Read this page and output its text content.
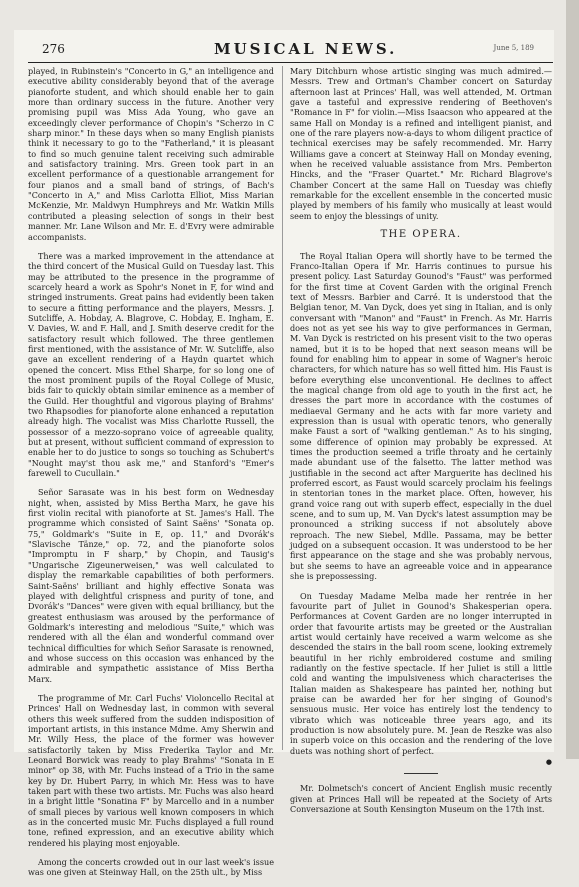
276	MUSICAL NEWS.	June 5, 189

played, in Rubinstein's "Concerto in G," an intelligence and executive ability considerably beyond that of the average pianoforte student, and which should enable her to gain more than ordinary success in the future. Another very promising pupil was Miss Ada Young, who gave an exceedingly clever performance of Chopin's "Scherzo in C sharp minor." In these days when so many English pianists think it necessary to go to the "Fatherland," it is pleasant to find so much genuine talent receiving such admirable and satisfactory training. Mrs. Green took part in an excellent performance of a questionable arrangement for four pianos and a small band of strings, of Bach's "Concerto in A," and Miss Carlotta Elliot, Miss Marian McKenzie, Mr. Maldwyn Humphreys and Mr. Watkin Mills contributed a pleasing selection of songs in their best manner. Mr. Lane Wilson and Mr. E. d'Evry were admirable accompanists.

There was a marked improvement in the attendance at the third concert of the Musical Guild on Tuesday last. This may be attributed to the presence in the programme of scarcely heard a work as Spohr's Nonet in F, for wind and stringed instruments. Great pains had evidently been taken to secure a fitting performance and the players, Messrs. J. Sutcliffe, A. Hobday, A. Blagrove, C. Hobday, E. Ingham, E. V. Davies, W. and F. Hall, and J. Smith deserve credit for the satisfactory result which followed. The three gentlemen first mentioned, with the assistance of Mr. W. Sutcliffe, also gave an excellent rendering of a Haydn quartet which opened the concert. Miss Ethel Sharpe, for so long one of the most prominent pupils of the Royal College of Music, bids fair to quickly obtain similar eminence as a member of the Guild. Her thoughtful and vigorous playing of Brahms' two Rhapsodies for pianoforte alone enhanced a reputation already high. The vocalist was Miss Charlotte Russell, the possessor of a mezzo-soprano voice of agreeable quality, but at present, without sufficient command of expression to enable her to do justice to songs so touching as Schubert's "Nought may'st thou ask me," and Stanford's "Emer's farewell to Cucullain."

Señor Sarasate was in his best form on Wednesday night, when, assisted by Miss Bertha Marx, he gave his first violin recital with pianoforte at St. James's Hall. The programme which consisted of Saint Saëns' "Sonata op. 75," Goldmark's "Suite in E, op. 11," and Dvorák's "Slavische Tänze," op. 72, and the pianoforte solos "Impromptu in F sharp," by Chopin, and Tausig's "Ungarische Zigeunerweisen," was well calculated to display the remarkable capabilities of both performers. Saint-Saëns' brilliant and highly effective Sonata was played with delightful crispness and purity of tone, and Dvorák's "Dances" were given with equal brilliancy, but the greatest enthusiasm was aroused by the performance of Goldmark's interesting and melodious "Suite," which was rendered with all the élan and wonderful command over technical difficulties for which Señor Sarasate is renowned, and whose success on this occasion was enhanced by the admirable and sympathetic assistance of Miss Bertha Marx.

The programme of Mr. Carl Fuchs' Violoncello Recital at Princes' Hall on Wednesday last, in common with several others this week suffered from the sudden indisposition of important artists, in this instance Mdme. Amy Sherwin and Mr. Willy Hess, the place of the former was however satisfactorily taken by Miss Frederika Taylor and Mr. Leonard Borwick was ready to play Brahms' "Sonata in E minor" op 38, with Mr. Fuchs instead of a Trio in the same key by Dr. Hubert Parry, in which Mr. Hess was to have taken part with these two artists. Mr. Fuchs was also heard in a bright little "Sonatina F" by Marcello and in a number of small pieces by various well known composers in which as in the concerted music Mr. Fuchs displayed a full round tone, refined expression, and an executive ability which rendered his playing most enjoyable.

Among the concerts crowded out in our last week's issue was one given at Steinway Hall, on the 25th ult., by Miss

Mary Ditchburn whose artistic singing was much admired.—Messrs. Trew and Ortman's Chamber concert on Saturday afternoon last at Princes' Hall, was well attended, M. Ortman gave a tasteful and expressive rendering of Beethoven's "Romance in F" for violin.—Miss Isaacson who appeared at the same Hall on Monday is a refined and intelligent pianist, and one of the rare players now-a-days to whom diligent practice of technical exercises may be safely recommended. Mr. Harry Williams gave a concert at Steinway Hall on Monday evening, when he received valuable assistance from Mrs. Pemberton Hincks, and the "Fraser Quartet." Mr. Richard Blagrove's Chamber Concert at the same Hall on Tuesday was chiefly remarkable for the excellent ensemble in the concerted music played by members of his family who musically at least would seem to enjoy the blessings of unity.

THE OPERA.

The Royal Italian Opera will shortly have to be termed the Franco-Italian Opera if Mr. Harris continues to pursue his present policy. Last Saturday Gounod's "Faust" was performed for the first time at Covent Garden with the original French text of Messrs. Barbier and Carré. It is understood that the Belgian tenor, M. Van Dyck, does yet sing in Italian, and is only conversant with "Manon" and "Faust" in French. As Mr. Harris does not as yet see his way to give performances in German, M. Van Dyck is restricted on his present visit to the two operas named, but it is to be hoped that next season means will be found for enabling him to appear in some of Wagner's heroic characters, for which nature has so well fitted him. His Faust is before everything else unconventional. He declines to affect the magical change from old age to youth in the first act, he dresses the part more in accordance with the costumes of mediaeval Germany and he acts with far more variety and expression than is usual with operatic tenors, who generally make Faust a sort of "walking gentleman." As to his singing, some difference of opinion may probably be expressed. At times the production seemed a trifle throaty and he certainly made abundant use of the falsetto. The latter method was justifiable in the second act after Marguerite has declined his proferred escort, as Faust would scarcely proclaim his feelings in stentorian tones in the market place. Often, however, his grand voice rang out with superb effect, especially in the duel scene, and to sum up, M. Van Dyck's latest assumption may be pronounced a striking success if not absolutely above reproach. The new Siebel, Mdlle. Passama, may be better judged on a subsequent occasion. It was understood to be her first appearance on the stage and she was probably nervous, but she seems to have an agreeable voice and in appearance she is prepossessing.

On Tuesday Madame Melba made her rentrée in her favourite part of Juliet in Gounod's Shakesperian opera. Performances at Covent Garden are no longer interrupted in order that favourite artists may be greeted or the Australian artist would certainly have received a warm welcome as she descended the stairs in the ball room scene, looking extremely beautiful in her richly embroidered costume and smiling radiantly on the festive spectacle. If her Juliet is still a little cold and wanting the impulsiveness which characterises the Italian maiden as Shakespeare has painted her, nothing but praise can be awarded her for her singing of Gounod's sensuous music. Her voice has entirely lost the tendency to vibrato which was noticeable three years ago, and its production is now absolutely pure. M. Jean de Reszke was also in superb voice on this occasion and the rendering of the love duets was nothing short of perfect.

●

Mr. Dolmetsch's concert of Ancient English music recently given at Princes Hall will be repeated at the Society of Arts Conversazione at South Kensington Museum on the 17th inst.
